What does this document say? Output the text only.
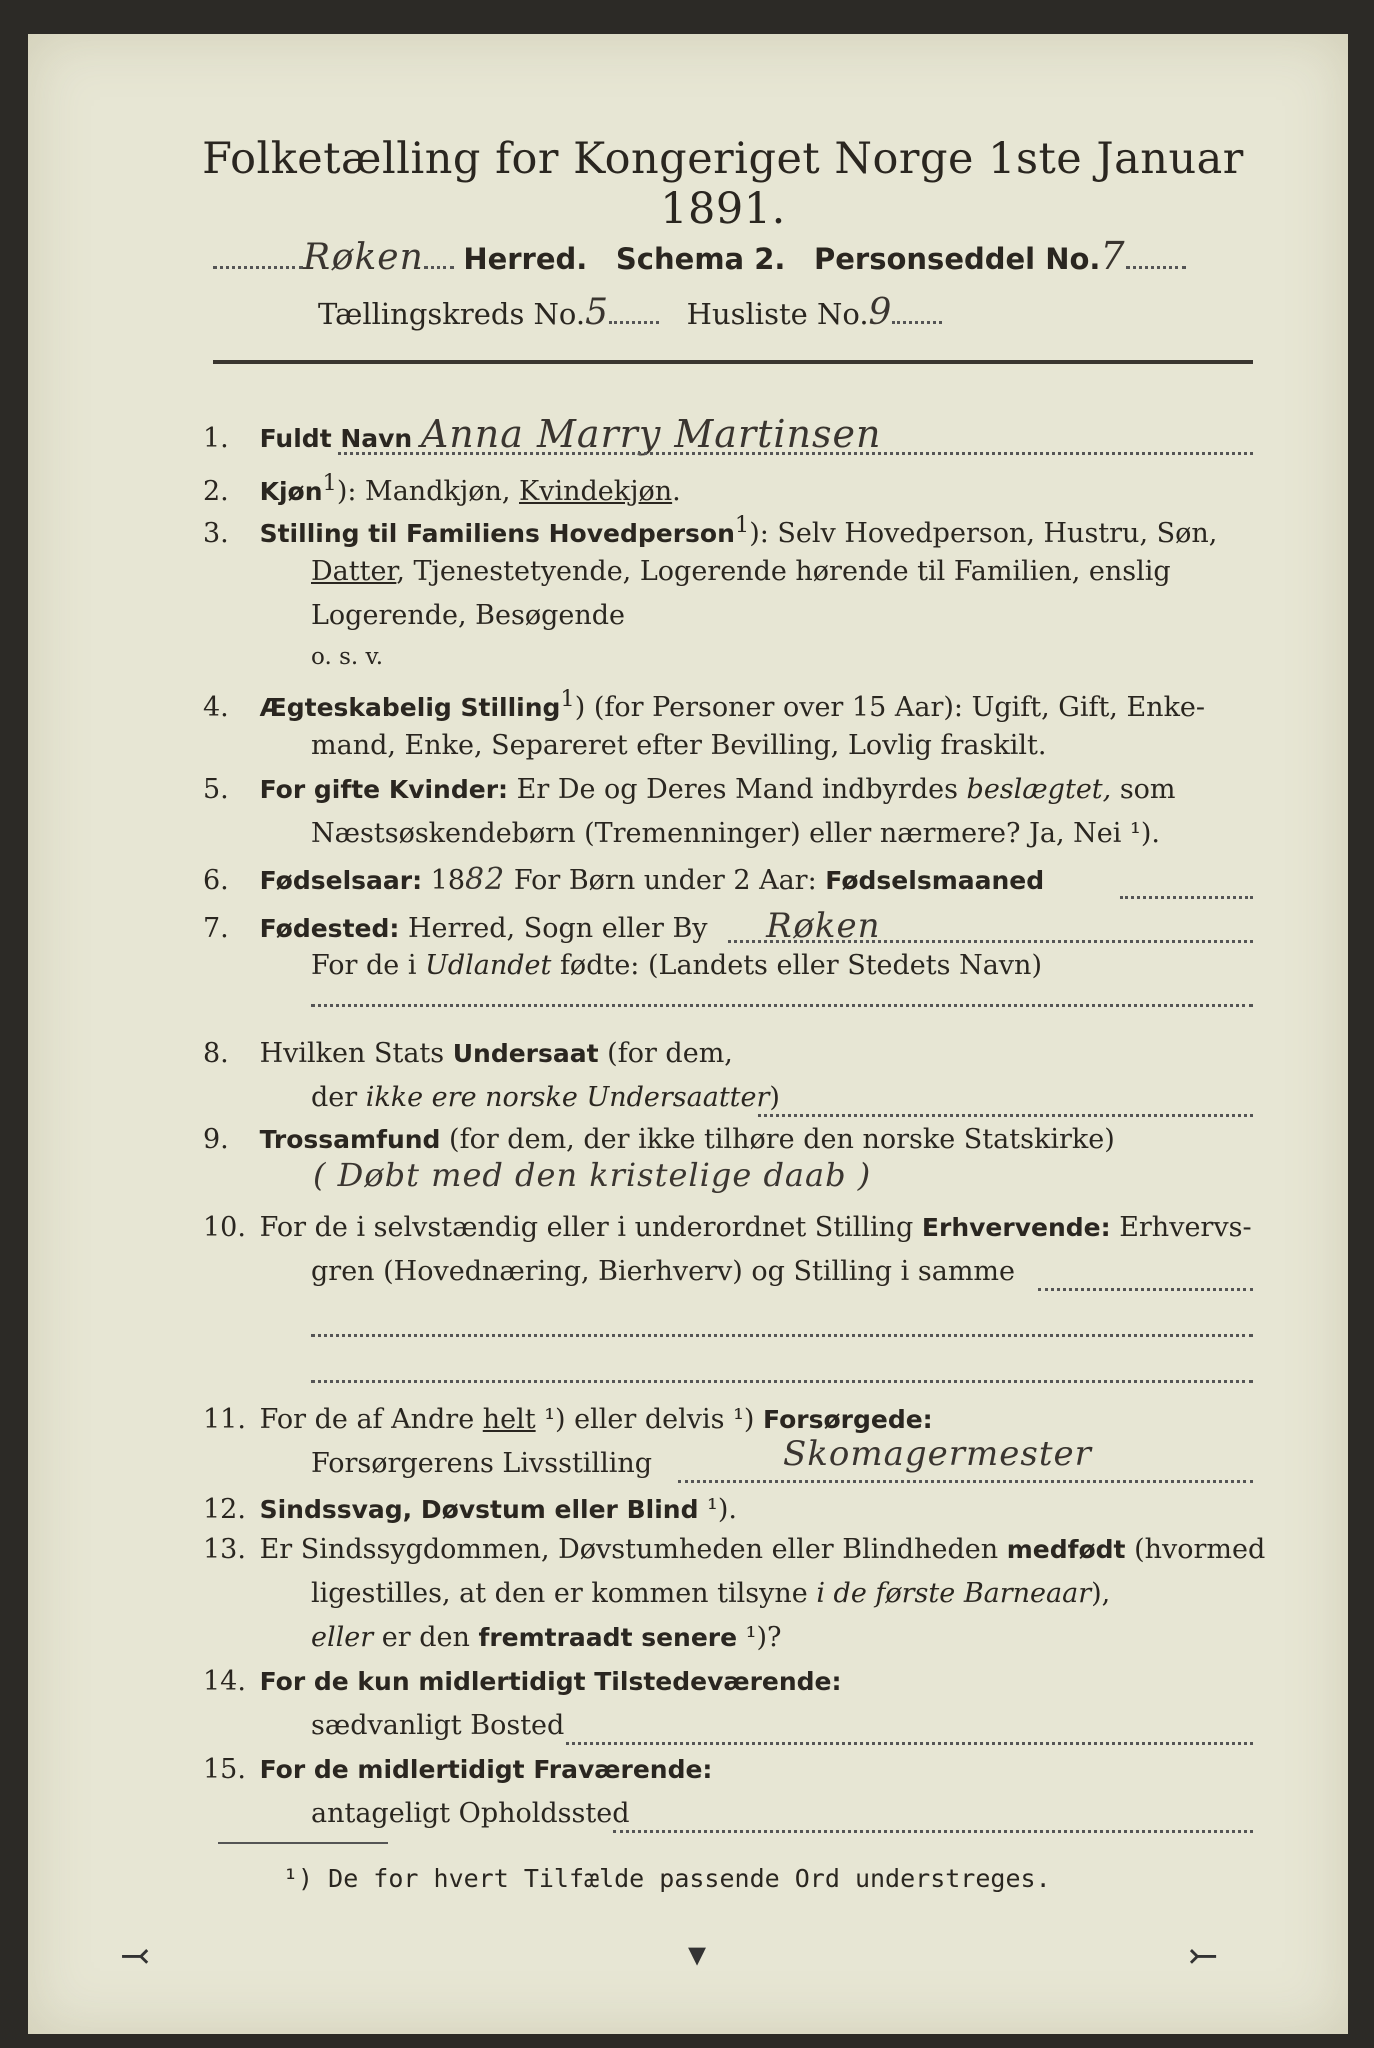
Folketælling for Kongeriget Norge 1ste Januar 1891.
Røken Herred. Schema 2. Personseddel No.7
Tællingskreds No.5	Husliste No.9
1. Fuldt Navn Anna Marry Martinsen
2. Kjøn$^1$): Mandkjøn, Kvindekjøn.
3. Stilling til Familiens Hovedperson$^1$): Selv Hovedperson, Hustru, Søn,
Datter, Tjenestetyende, Logerende hørende til Familien, enslig
Logerende, Besøgende
o. s. v.
4. Ægteskabelig Stilling$^1$) (for Personer over 15 Aar): Ugift, Gift, Enke-
mand, Enke, Separeret efter Bevilling, Lovlig fraskilt.
5. For gifte Kvinder: Er De og Deres Mand indbyrdes beslægtet, som
Næstsøskendebørn (Tremenninger) eller nærmere? Ja, Nei ¹).
6. Fødselsaar: 1882 For Børn under 2 Aar: Fødselsmaaned
7. Fødested: Herred, Sogn eller By Røken
For de i Udlandet fødte: (Landets eller Stedets Navn)
8. Hvilken Stats Undersaat (for dem,
der ikke ere norske Undersaatter)
9. Trossamfund (for dem, der ikke tilhøre den norske Statskirke)
( Døbt med den kristelige daab )
10. For de i selvstændig eller i underordnet Stilling Erhvervende: Erhvervs-
gren (Hovednæring, Bierhverv) og Stilling i samme
11. For de af Andre helt ¹) eller delvis ¹) Forsørgede:
Forsørgerens Livsstilling	Skomagermester
12. Sindssvag, Døvstum eller Blind ¹).
13. Er Sindssygdommen, Døvstumheden eller Blindheden medfødt (hvormed
ligestilles, at den er kommen tilsyne i de første Barneaar),
eller er den fremtraadt senere ¹)?
14. For de kun midlertidigt Tilstedeværende:
sædvanligt Bosted
15. For de midlertidigt Fraværende:
antageligt Opholdssted
¹) De for hvert Tilfælde passende Ord understreges.
⤙	▾	⤚
